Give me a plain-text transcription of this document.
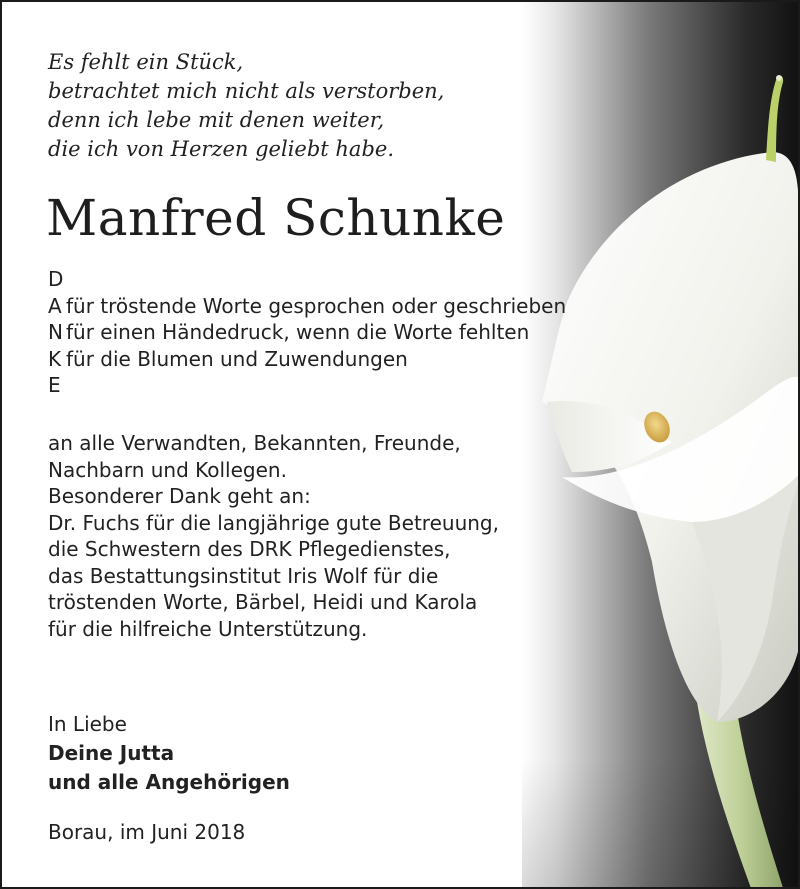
Es fehlt ein Stück,
betrachtet mich nicht als verstorben,
denn ich lebe mit denen weiter,
die ich von Herzen geliebt habe.
Manfred Schunke
D
A für tröstende Worte gesprochen oder geschrieben
N für einen Händedruck, wenn die Worte fehlten
K für die Blumen und Zuwendungen
E
an alle Verwandten, Bekannten, Freunde,
Nachbarn und Kollegen.
Besonderer Dank geht an:
Dr. Fuchs für die langjährige gute Betreuung,
die Schwestern des DRK Pflegedienstes,
das Bestattungsinstitut Iris Wolf für die
tröstenden Worte, Bärbel, Heidi und Karola
für die hilfreiche Unterstützung.
In Liebe
Deine Jutta
und alle Angehörigen
Borau, im Juni 2018
